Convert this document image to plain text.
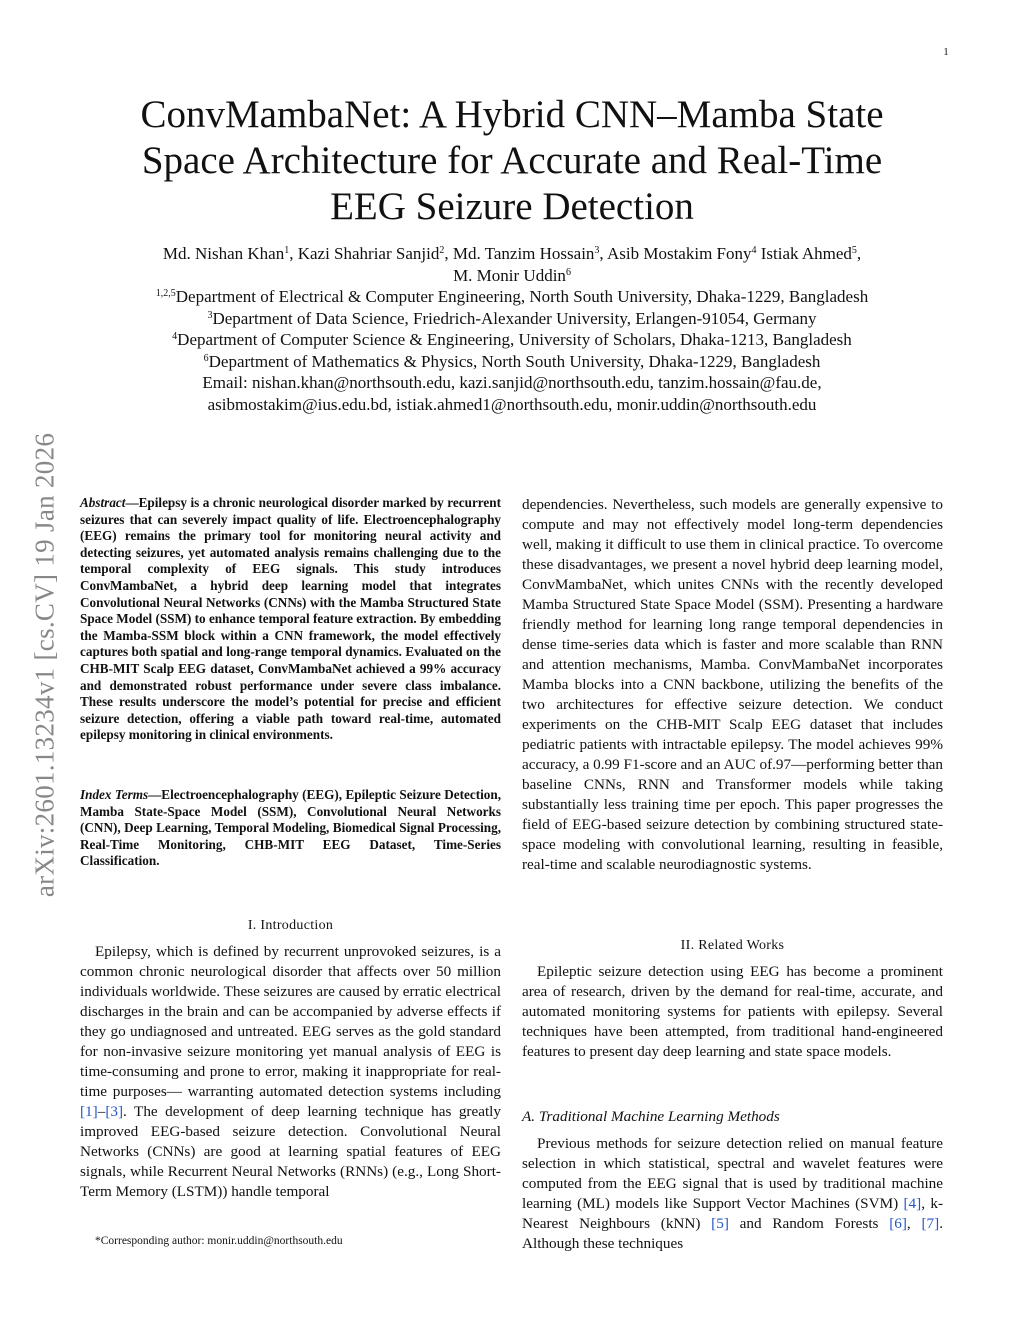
1
arXiv:2601.13234v1 [cs.CV] 19 Jan 2026
ConvMambaNet: A Hybrid CNN–Mamba State Space Architecture for Accurate and Real-Time EEG Seizure Detection
Md. Nishan Khan$^1$, Kazi Shahriar Sanjid$^2$, Md. Tanzim Hossain$^3$, Asib Mostakim Fony$^4$ Istiak Ahmed$^5$,
M. Monir Uddin$^6$
$^{1,2,5}$Department of Electrical & Computer Engineering, North South University, Dhaka-1229, Bangladesh
$^3$Department of Data Science, Friedrich-Alexander University, Erlangen-91054, Germany
$^4$Department of Computer Science & Engineering, University of Scholars, Dhaka-1213, Bangladesh
$^6$Department of Mathematics & Physics, North South University, Dhaka-1229, Bangladesh
Email: nishan.khan@northsouth.edu, kazi.sanjid@northsouth.edu, tanzim.hossain@fau.de,
asibmostakim@ius.edu.bd, istiak.ahmed1@northsouth.edu, monir.uddin@northsouth.edu
Abstract—Epilepsy is a chronic neurological disorder marked by recurrent seizures that can severely impact quality of life. Electroencephalography (EEG) remains the primary tool for monitoring neural activity and detecting seizures, yet automated analysis remains challenging due to the temporal complexity of EEG signals. This study introduces ConvMambaNet, a hybrid deep learning model that integrates Convolutional Neural Networks (CNNs) with the Mamba Structured State Space Model (SSM) to enhance temporal feature extraction. By embedding the Mamba-SSM block within a CNN framework, the model effectively captures both spatial and long-range temporal dynamics. Evaluated on the CHB-MIT Scalp EEG dataset, ConvMambaNet achieved a 99% accuracy and demonstrated robust performance under severe class imbalance. These results underscore the model’s potential for precise and efficient seizure detection, offering a viable path toward real-time, automated epilepsy monitoring in clinical environments.
Index Terms—Electroencephalography (EEG), Epileptic Seizure Detection, Mamba State-Space Model (SSM), Convolutional Neural Networks (CNN), Deep Learning, Temporal Modeling, Biomedical Signal Processing, Real-Time Monitoring, CHB-MIT EEG Dataset, Time-Series Classification.
I. Introduction

Epilepsy, which is defined by recurrent unprovoked seizures, is a common chronic neurological disorder that affects over 50 million individuals worldwide. These seizures are caused by erratic electrical discharges in the brain and can be accompanied by adverse effects if they go undiagnosed and untreated. EEG serves as the gold standard for non-invasive seizure monitoring yet manual analysis of EEG is time-consuming and prone to error, making it inappropriate for real-time purposes— warranting automated detection systems including [1]–[3]. The development of deep learning technique has greatly improved EEG-based seizure detection. Convolutional Neural Networks (CNNs) are good at learning spatial features of EEG signals, while Recurrent Neural Networks (RNNs) (e.g., Long Short-Term Memory (LSTM)) handle temporal

dependencies. Nevertheless, such models are generally expensive to compute and may not effectively model long-term dependencies well, making it difficult to use them in clinical practice. To overcome these disadvantages, we present a novel hybrid deep learning model, ConvMambaNet, which unites CNNs with the recently developed Mamba Structured State Space Model (SSM). Presenting a hardware friendly method for learning long range temporal dependencies in dense time-series data which is faster and more scalable than RNN and attention mechanisms, Mamba. ConvMambaNet incorporates Mamba blocks into a CNN backbone, utilizing the benefits of the two architectures for effective seizure detection. We conduct experiments on the CHB-MIT Scalp EEG dataset that includes pediatric patients with intractable epilepsy. The model achieves 99% accuracy, a 0.99 F1-score and an AUC of.97—performing better than baseline CNNs, RNN and Transformer models while taking substantially less training time per epoch. This paper progresses the field of EEG-based seizure detection by combining structured state-space modeling with convolutional learning, resulting in feasible, real-time and scalable neurodiagnostic systems.

II. Related Works

Epileptic seizure detection using EEG has become a prominent area of research, driven by the demand for real-time, accurate, and automated monitoring systems for patients with epilepsy. Several techniques have been attempted, from traditional hand-engineered features to present day deep learning and state space models.

A. Traditional Machine Learning Methods

Previous methods for seizure detection relied on manual feature selection in which statistical, spectral and wavelet features were computed from the EEG signal that is used by traditional machine learning (ML) models like Support Vector Machines (SVM) [4], k-Nearest Neighbours (kNN) [5] and Random Forests [6], [7]. Although these techniques

*Corresponding author: monir.uddin@northsouth.edu
